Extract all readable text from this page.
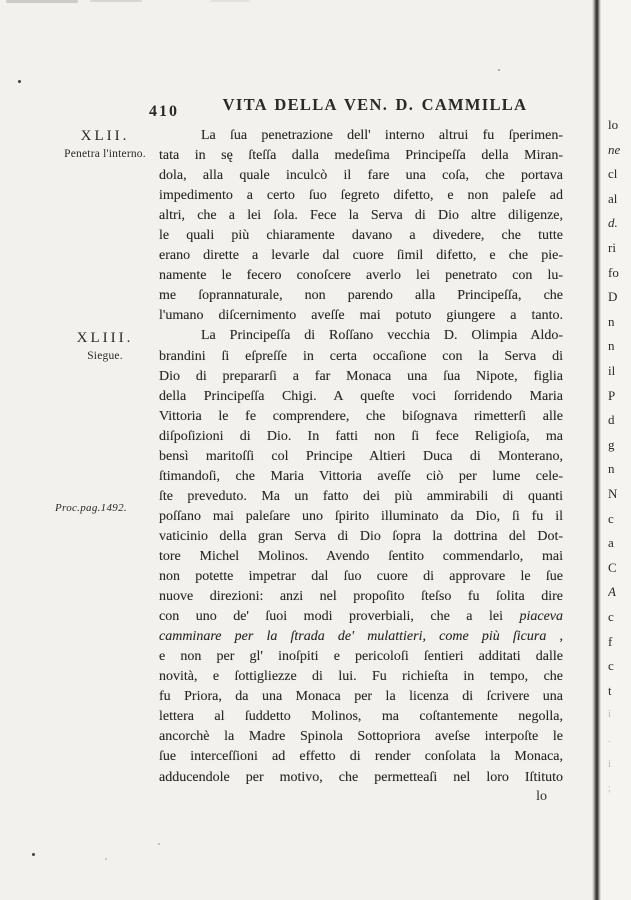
410	VITA DELLA VEN. D. CAMMILLA
XLII.
Penetra l'interno.
XLIII.
Siegue.
Proc.pag.1492.
La ſua penetrazione dell' interno altrui fu ſperimen-
tata in sę ſteſſa dalla medeſima Principeſſa della Miran-
dola, alla quale inculcò il fare una coſa, che portava
impedimento a certo ſuo ſegreto difetto, e non paleſe ad
altri, che a lei ſola. Fece la Serva di Dio altre diligenze,
le quali più chiaramente davano a divedere, che tutte
erano dirette a levarle dal cuore ſimil difetto, e che pie-
namente le fecero conoſcere averlo lei penetrato con lu-
me ſoprannaturale, non parendo alla Principeſſa, che
l'umano diſcernimento aveſſe mai potuto giungere a tanto.
La Principeſſa di Roſſano vecchia D. Olimpia Aldo-
brandini ſi eſpreſſe in certa occaſione con la Serva di
Dio di prepararſi a far Monaca una ſua Nipote, figlia
della Principeſſa Chigi. A queſte voci ſorridendo Maria
Vittoria le fe comprendere, che biſognava rimetterſi alle
diſpoſizioni di Dio. In fatti non ſi fece Religioſa, ma
bensì maritoſſi col Principe Altieri Duca di Monterano,
ſtimandoſi, che Maria Vittoria aveſſe ciò per lume cele-
ſte preveduto. Ma un fatto dei più ammirabili di quanti
poſſano mai paleſare uno ſpirito illuminato da Dio, ſi fu il
vaticinio della gran Serva di Dio ſopra la dottrina del Dot-
tore Michel Molinos. Avendo ſentito commendarlo, mai
non potette impetrar dal ſuo cuore di approvare le ſue
nuove direzioni: anzi nel propoſito ſteſso fu ſolita dire
con uno de' ſuoi modi proverbiali, che a lei piaceva
camminare per la ſtrada de' mulattieri, come più ſicura ,
e non per gl' inoſpiti e pericoloſi ſentieri additati dalle
novità, e ſottigliezze di lui. Fu richieſta in tempo, che
fu Priora, da una Monaca per la licenza di ſcrivere una
lettera al ſuddetto Molinos, ma coſtantemente negolla,
ancorchè la Madre Spinola Sottopriora aveſse interpoſte le
ſue interceſſioni ad effetto di render conſolata la Monaca,
adducendole per motivo, che permetteaſi nel loro Iſtituto
lo
lo
ne
cl
al
d.
ri
fo
D
n
n
il
P
d
g
n
N
c
a
C
A
c
f
c
t
i
.
i
;
